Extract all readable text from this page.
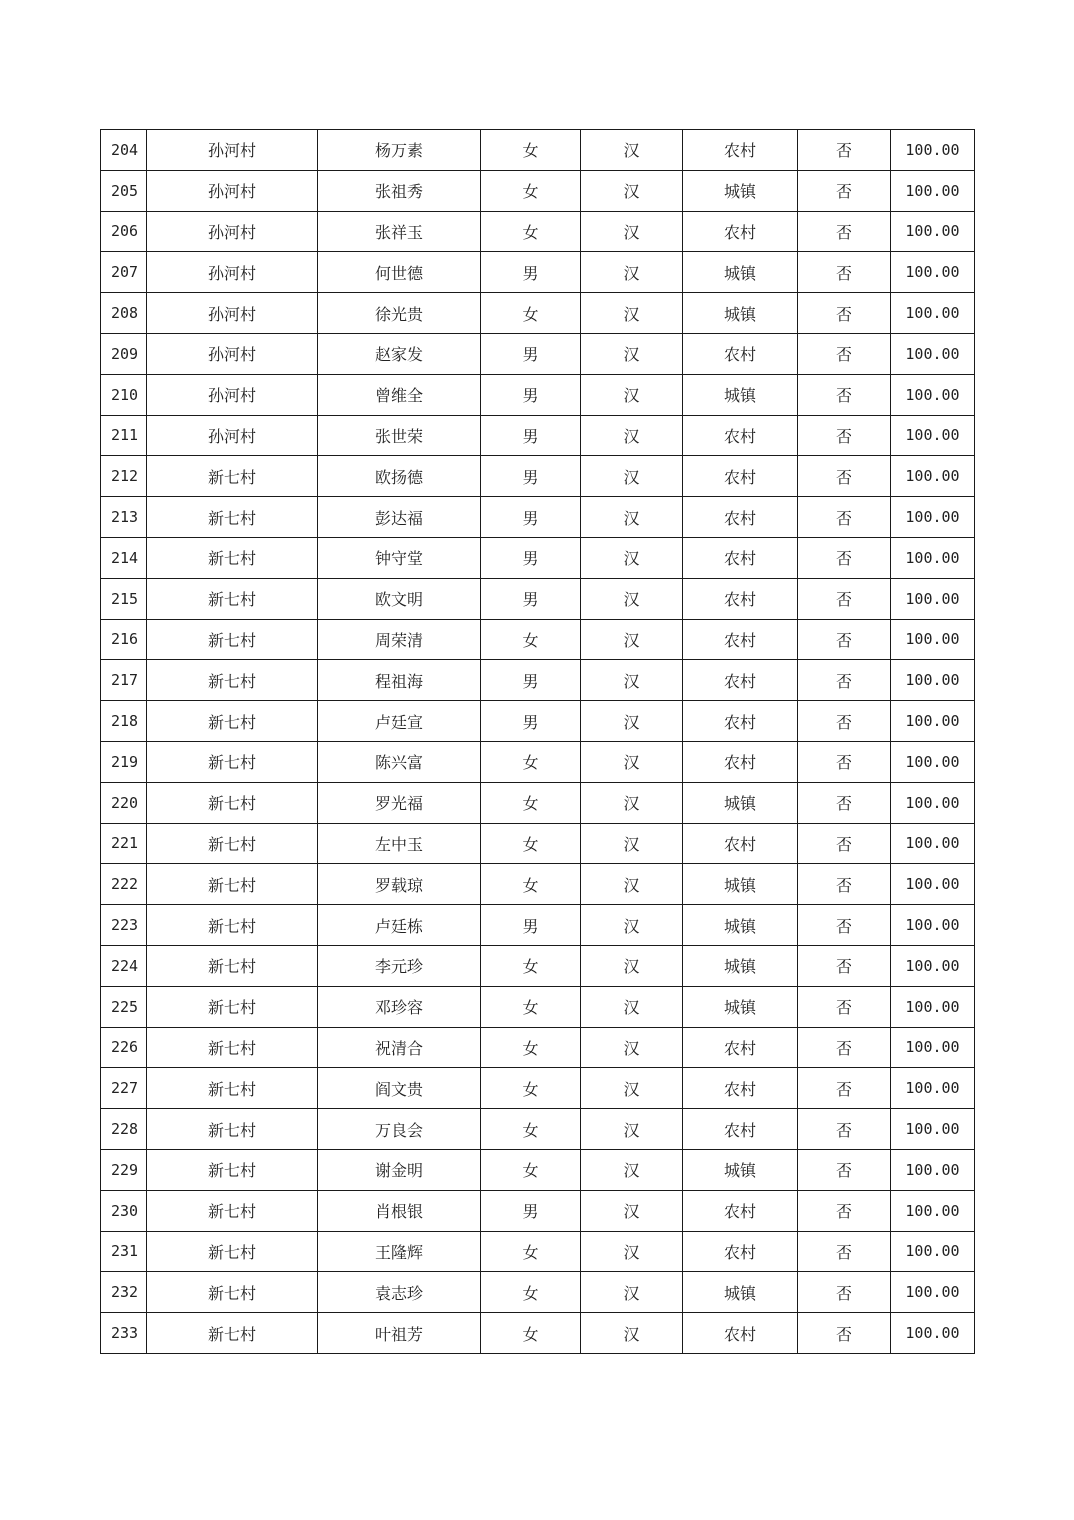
204	孙河村	杨万素	女	汉	农村	否	100.00
205	孙河村	张祖秀	女	汉	城镇	否	100.00
206	孙河村	张祥玉	女	汉	农村	否	100.00
207	孙河村	何世德	男	汉	城镇	否	100.00
208	孙河村	徐光贵	女	汉	城镇	否	100.00
209	孙河村	赵家发	男	汉	农村	否	100.00
210	孙河村	曾维全	男	汉	城镇	否	100.00
211	孙河村	张世荣	男	汉	农村	否	100.00
212	新七村	欧扬德	男	汉	农村	否	100.00
213	新七村	彭达福	男	汉	农村	否	100.00
214	新七村	钟守堂	男	汉	农村	否	100.00
215	新七村	欧文明	男	汉	农村	否	100.00
216	新七村	周荣清	女	汉	农村	否	100.00
217	新七村	程祖海	男	汉	农村	否	100.00
218	新七村	卢廷宣	男	汉	农村	否	100.00
219	新七村	陈兴富	女	汉	农村	否	100.00
220	新七村	罗光福	女	汉	城镇	否	100.00
221	新七村	左中玉	女	汉	农村	否	100.00
222	新七村	罗载琼	女	汉	城镇	否	100.00
223	新七村	卢廷栋	男	汉	城镇	否	100.00
224	新七村	李元珍	女	汉	城镇	否	100.00
225	新七村	邓珍容	女	汉	城镇	否	100.00
226	新七村	祝清合	女	汉	农村	否	100.00
227	新七村	阎文贵	女	汉	农村	否	100.00
228	新七村	万良会	女	汉	农村	否	100.00
229	新七村	谢金明	女	汉	城镇	否	100.00
230	新七村	肖根银	男	汉	农村	否	100.00
231	新七村	王隆辉	女	汉	农村	否	100.00
232	新七村	袁志珍	女	汉	城镇	否	100.00
233	新七村	叶祖芳	女	汉	农村	否	100.00
